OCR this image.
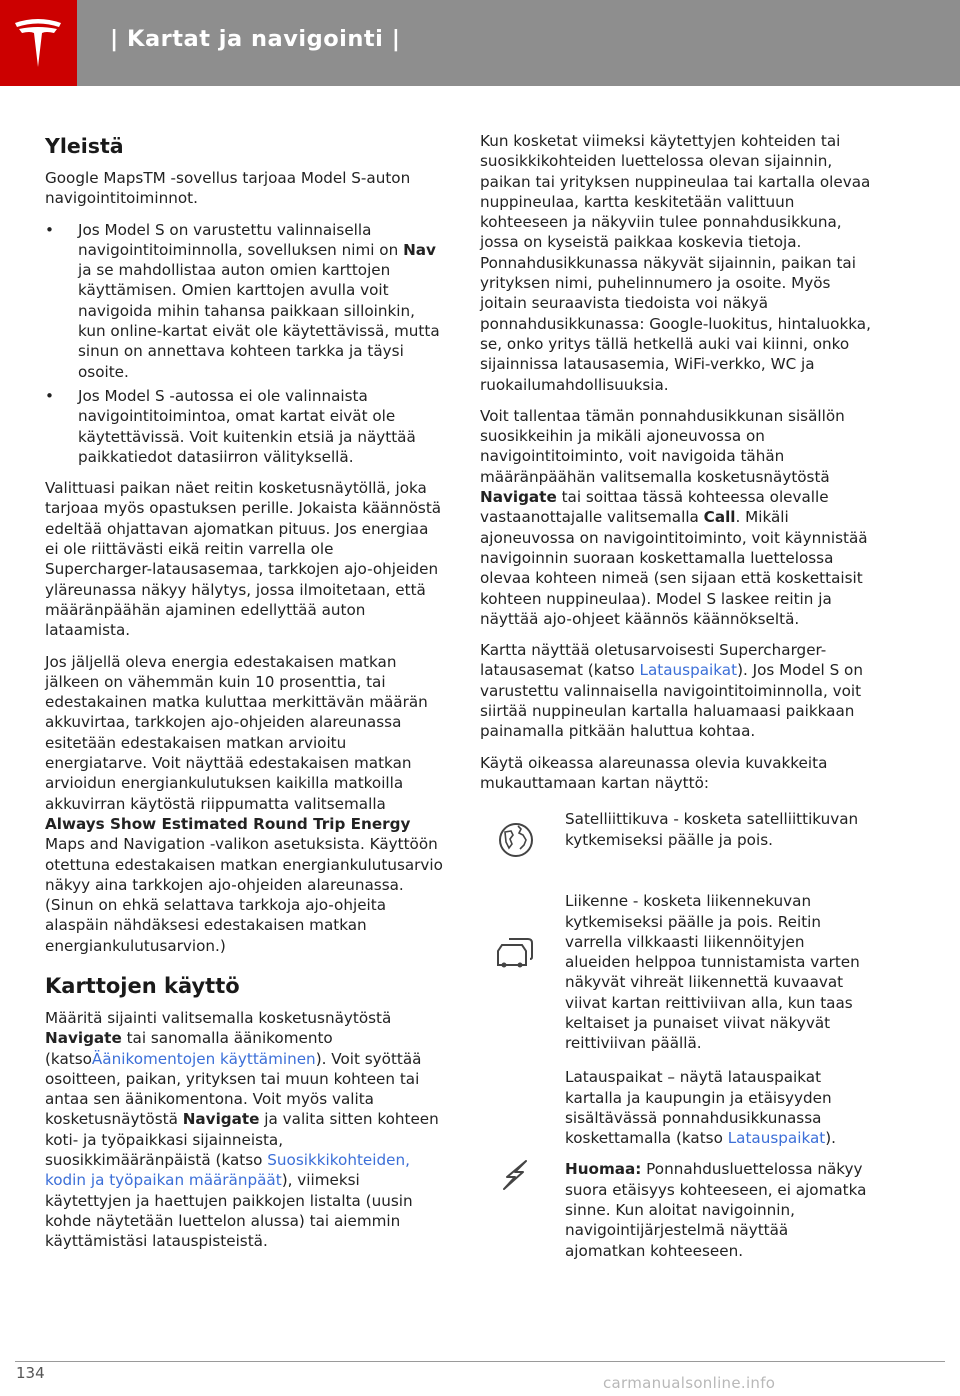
| Kartat ja navigointi |
Yleistä

Google MapsTM -sovellus tarjoaa Model S-auton navigointitoiminnot.

• Jos Model S on varustettu valinnaisella navigointitoiminnolla, sovelluksen nimi on Nav ja se mahdollistaa auton omien karttojen käyttämisen. Omien karttojen avulla voit navigoida mihin tahansa paikkaan silloinkin, kun online-kartat eivät ole käytettävissä, mutta sinun on annettava kohteen tarkka ja täysi osoite.
• Jos Model S -autossa ei ole valinnaista navigointitoimintoa, omat kartat eivät ole käytettävissä. Voit kuitenkin etsiä ja näyttää paikkatiedot datasiirron välityksellä.

Valittuasi paikan näet reitin kosketusnäytöllä, joka tarjoaa myös opastuksen perille. Jokaista käännöstä edeltää ohjattavan ajomatkan pituus. Jos energiaa ei ole riittävästi eikä reitin varrella ole Supercharger-latausasemaa, tarkkojen ajo-ohjeiden yläreunassa näkyy hälytys, jossa ilmoitetaan, että määränpäähän ajaminen edellyttää auton lataamista.

Jos jäljellä oleva energia edestakaisen matkan jälkeen on vähemmän kuin 10 prosenttia, tai edestakainen matka kuluttaa merkittävän määrän akkuvirtaa, tarkkojen ajo-ohjeiden alareunassa esitetään edestakaisen matkan arvioitu energiatarve. Voit näyttää edestakaisen matkan arvioidun energiankulutuksen kaikilla matkoilla akkuvirran käytöstä riippumatta valitsemalla Always Show Estimated Round Trip Energy Maps and Navigation -valikon asetuksista. Käyttöön otettuna edestakaisen matkan energiankulutusarvio näkyy aina tarkkojen ajo-ohjeiden alareunassa. (Sinun on ehkä selattava tarkkoja ajo-ohjeita alaspäin nähdäksesi edestakaisen matkan energiankulutusarvion.)

Karttojen käyttö

Määritä sijainti valitsemalla kosketusnäytöstä Navigate tai sanomalla äänikomento (katsoÄänikomentojen käyttäminen). Voit syöttää osoitteen, paikan, yrityksen tai muun kohteen tai antaa sen äänikomentona. Voit myös valita kosketusnäytöstä Navigate ja valita sitten kohteen koti- ja työpaikkasi sijainneista, suosikkimääränpäistä (katso Suosikkikohteiden, kodin ja työpaikan määränpäät), viimeksi käytettyjen ja haettujen paikkojen listalta (uusin kohde näytetään luettelon alussa) tai aiemmin käyttämistäsi latauspisteistä.

Kun kosketat viimeksi käytettyjen kohteiden tai suosikkikohteiden luettelossa olevan sijainnin, paikan tai yrityksen nuppineulaa tai kartalla olevaa nuppineulaa, kartta keskitetään valittuun kohteeseen ja näkyviin tulee ponnahdusikkuna, jossa on kyseistä paikkaa koskevia tietoja. Ponnahdusikkunassa näkyvät sijainnin, paikan tai yrityksen nimi, puhelinnumero ja osoite. Myös joitain seuraavista tiedoista voi näkyä ponnahdusikkunassa: Google-luokitus, hintaluokka, se, onko yritys tällä hetkellä auki vai kiinni, onko sijainnissa latausasemia, WiFi-verkko, WC ja ruokailumahdollisuuksia.

Voit tallentaa tämän ponnahdusikkunan sisällön suosikkeihin ja mikäli ajoneuvossa on navigointitoiminto, voit navigoida tähän määränpäähän valitsemalla kosketusnäytöstä Navigate tai soittaa tässä kohteessa olevalle vastaanottajalle valitsemalla Call. Mikäli ajoneuvossa on navigointitoiminto, voit käynnistää navigoinnin suoraan koskettamalla luettelossa olevaa kohteen nimeä (sen sijaan että koskettaisit kohteen nuppineulaa). Model S laskee reitin ja näyttää ajo-ohjeet käännös käännökseltä.

Kartta näyttää oletusarvoisesti Supercharger-latausasemat (katso Latauspaikat). Jos Model S on varustettu valinnaisella navigointitoiminnolla, voit siirtää nuppineulan kartalla haluamaasi paikkaan painamalla pitkään haluttua kohtaa.

Käytä oikeassa alareunassa olevia kuvakkeita mukauttamaan kartan näyttö:

Satelliittikuva - kosketa satelliittikuvan kytkemiseksi päälle ja pois.

Liikenne - kosketa liikennekuvan kytkemiseksi päälle ja pois. Reitin varrella vilkkaasti liikennöityjen alueiden helppoa tunnistamista varten näkyvät vihreät liikennettä kuvaavat viivat kartan reittiviivan alla, kun taas keltaiset ja punaiset viivat näkyvät reittiviivan päällä.

Latauspaikat – näytä latauspaikat kartalla ja kaupungin ja etäisyyden sisältävässä ponnahdusikkunassa koskettamalla (katso Latauspaikat).

Huomaa: Ponnahdusluettelossa näkyy suora etäisyys kohteeseen, ei ajomatka sinne. Kun aloitat navigoinnin, navigointijärjestelmä näyttää ajomatkan kohteeseen.

134
carmanualsonline.info
